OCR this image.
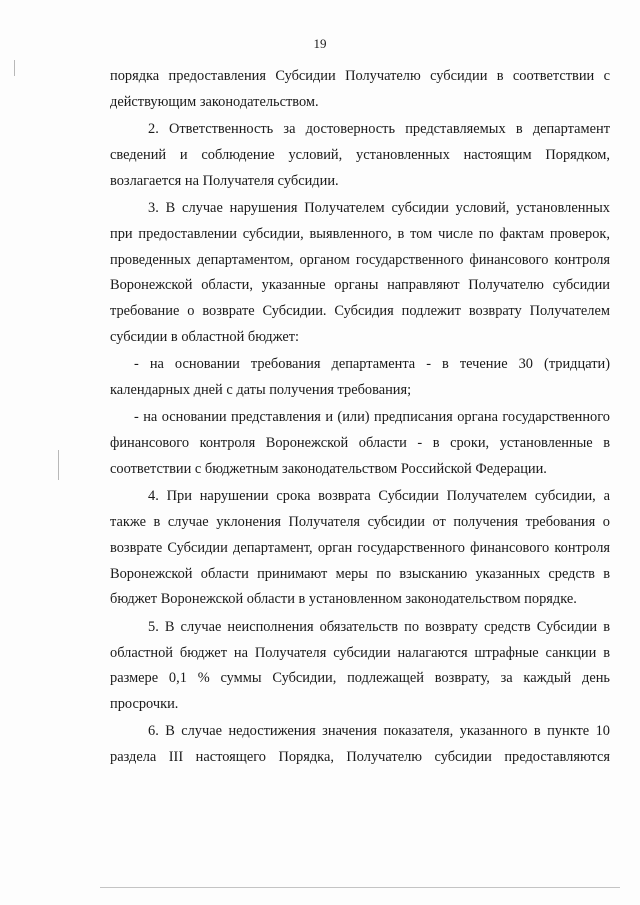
19

порядка предоставления Субсидии Получателю субсидии в соответствии с действующим законодательством.

2. Ответственность за достоверность представляемых в департамент сведений и соблюдение условий, установленных настоящим Порядком, возлагается на Получателя субсидии.

3. В случае нарушения Получателем субсидии условий, установленных при предоставлении субсидии, выявленного, в том числе по фактам проверок, проведенных департаментом, органом государственного финансового контроля Воронежской области, указанные органы направляют Получателю субсидии требование о возврате Субсидии. Субсидия подлежит возврату Получателем субсидии в областной бюджет:

- на основании требования департамента - в течение 30 (тридцати) календарных дней с даты получения требования;

- на основании представления и (или) предписания органа государственного финансового контроля Воронежской области - в сроки, установленные в соответствии с бюджетным законодательством Российской Федерации.

4. При нарушении срока возврата Субсидии Получателем субсидии, а также в случае уклонения Получателя субсидии от получения требования о возврате Субсидии департамент, орган государственного финансового контроля Воронежской области принимают меры по взысканию указанных средств в бюджет Воронежской области в установленном законодательством порядке.

5. В случае неисполнения обязательств по возврату средств Субсидии в областной бюджет на Получателя субсидии налагаются штрафные санкции в размере 0,1 % суммы Субсидии, подлежащей возврату, за каждый день просрочки.

6. В случае недостижения значения показателя, указанного в пункте 10 раздела III настоящего Порядка, Получателю субсидии предоставляются
